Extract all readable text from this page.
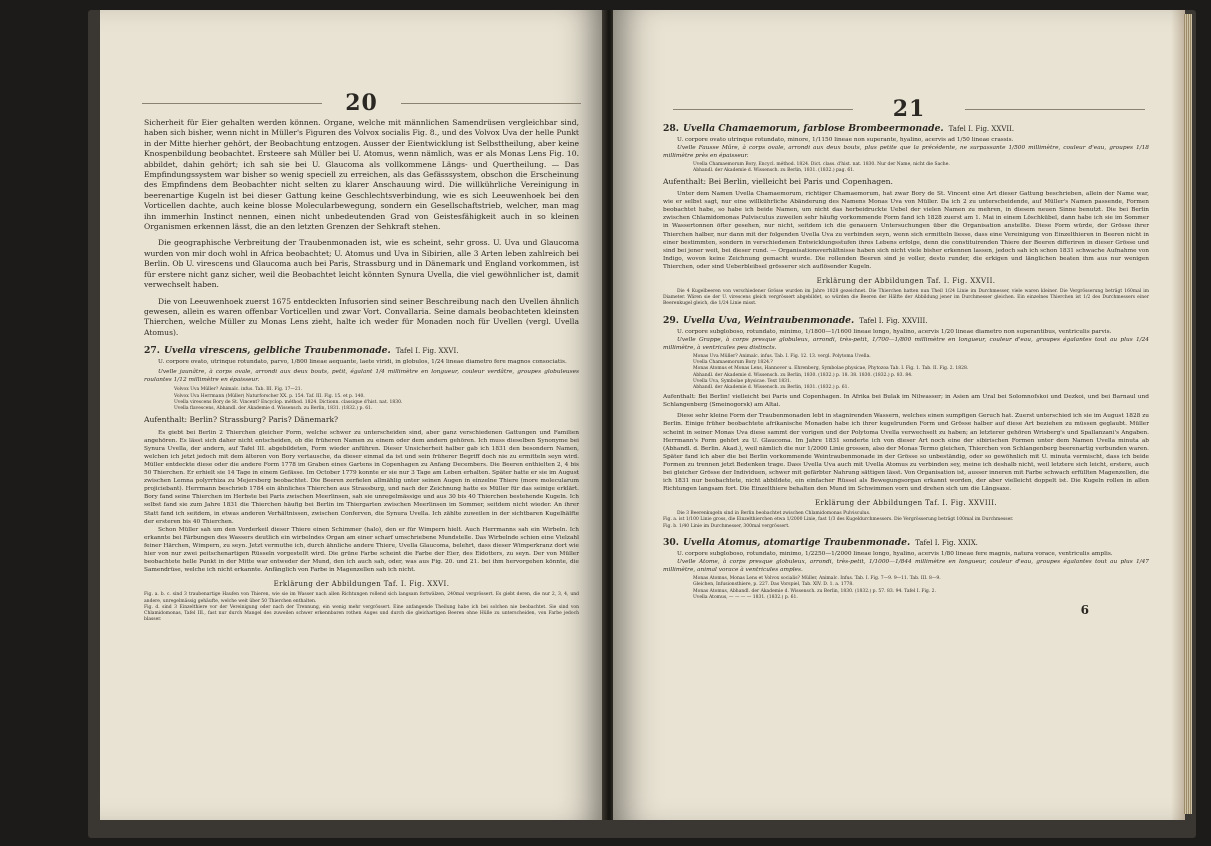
20

Sicherheit für Eier gehalten werden können. Organe, welche mit männlichen Samendrüsen vergleichbar sind, haben sich bisher, wenn nicht in Müller's Figuren des Volvox socialis Fig. 8., und des Volvox Uva der helle Punkt in der Mitte hierher gehört, der Beobachtung entzogen. Ausser der Eientwicklung ist Selbsttheilung, aber keine Knospenbildung beobachtet. Ersteere sah Müller bei U. Atomus, wenn nämlich, was er als Monas Lens Fig. 10. abbildet, dahin gehört; ich sah sie bei U. Glaucoma als vollkommene Längs- und Quertheilung. — Das Empfindungssystem war bisher so wenig speciell zu erreichen, als das Gefässsystem, obschon die Erscheinung des Empfindens dem Beobachter nicht selten zu klarer Anschauung wird. Die willkührliche Vereinigung in beerenartige Kugeln ist bei dieser Gattung keine Geschlechtsverbindung, wie es sich Leeuwenhoek bei den Vorticellen dachte, auch keine blosse Molecularbewegung, sondern ein Gesellschaftstrieb, welcher, man mag ihn immerhin Instinct nennen, einen nicht unbedeutenden Grad von Geistesfähigkeit auch in so kleinen Organismen erkennen lässt, die an den letzten Grenzen der Sehkraft stehen.

Die geographische Verbreitung der Traubenmonaden ist, wie es scheint, sehr gross. U. Uva und Glaucoma wurden von mir doch wohl in Africa beobachtet; U. Atomus und Uva in Sibirien, alle 3 Arten leben zahlreich bei Berlin. Ob U. virescens und Glaucoma auch bei Paris, Strassburg und in Dänemark und England vorkommen, ist für erstere nicht ganz sicher, weil die Beobachtet leicht könnten Synura Uvella, die viel gewöhnlicher ist, damit verwechselt haben.

Die von Leeuwenhoek zuerst 1675 entdeckten Infusorien sind seiner Beschreibung nach den Uvellen ähnlich gewesen, allein es waren offenbar Vorticellen und zwar Vort. Convallaria. Seine damals beobachteten kleinsten Thierchen, welche Müller zu Monas Lens zieht, halte ich weder für Monaden noch für Uvellen (vergl. Uvella Atomus).

27. Uvella virescens, gelbliche Traubenmonade. Tafel I. Fig. XXVI.

U. corpore ovato, utrinque rotundato, parvo, 1/800 lineae aequante, laete viridi, in globulos, 1/24 lineae diametro fere magnos consociatis.

Uvelle jaunâtre, à corps ovale, arrondi aux deux bouts, petit, égalant 1/4 millimètre en longueur, couleur verdâtre, groupes globuleuses roulantes 1/12 millimètre en épaisseur.

Volvox Uva Müller? Animalc. infus. Tab. III. Fig. 17—21.

Volvox Uva Herrmann (Müller) Naturforscher XX. p. 154. Taf. III. Fig. 15. et p. 140.

Uvella virescens Bory de St. Vincent? Encyclop. méthod. 1824. Dictionn. classique d'hist. nat. 1830.

Uvella flavescens, Abhandl. der Akademie d. Wissensch. zu Berlin, 1831. (1832.) p. 61.

Aufenthalt: Berlin? Strassburg? Paris? Dänemark?

Es giebt bei Berlin 2 Thierchen gleicher Form, welche schwer zu unterscheiden sind, aber ganz verschiedenen Gattungen und Familien angehören. Es lässt sich daher nicht entscheiden, ob die früheren Namen zu einem oder dem andern gehören. Ich muss dieselben Synonyme bei Synura Uvella, der andern, auf Tafel III. abgebildeten, Form wieder anführen. Dieser Unsicherheit halber gab ich 1831 den besondern Namen, welchen ich jetzt jedoch mit dem älteren von Bory vertausche, da dieser einmal da ist und sein früherer Begriff doch nie zu ermitteln seyn wird. Müller entdeckte diese oder die andere Form 1778 im Graben eines Gartens in Copenhagen zu Anfang Decembers. Die Beeren enthielten 2, 4 bis 50 Thierchen. Er erhielt sie 14 Tage in einem Gefässe. Im October 1779 konnte er sie nur 3 Tage am Leben erhalten. Später hatte er sie im August zwischen Lemna polyrrhiza zu Mejersberg beobachtet. Die Beeren zerfielen allmählig unter seinen Augen in einzelne Thiere (more molecularum projiciebant). Herrmann beschrieb 1784 ein ähnliches Thierchen aus Strassburg, und nach der Zeichnung hatte es Müller für das seinige erklärt. Bory fand seine Thierchen im Herbste bei Paris zwischen Meerlinsen, sah sie unregelmässige und aus 30 bis 40 Thierchen bestehende Kugeln. Ich selbst fand sie zum Jahre 1831 die Thierchen häufig bei Berlin im Thiergarten zwischen Meerlinsen im Sommer, seitdem nicht wieder. An ihrer Statt fand ich seitdem, in etwas anderen Verhältnissen, zwischen Conferven, die Synura Uvella. Ich zählte zuweilen in der sichtbaren Kugelhälfte der ersteren bis 40 Thierchen.

Schon Müller sah um den Vorderkeil dieser Thiere einen Schimmer (halo), den er für Wimpern hielt. Auch Herrmanns sah ein Wirbeln. Ich erkannte bei Färbungen des Wassers deutlich ein wirbelndes Organ am einer scharf umschriebene Mundstelle. Das Wirbelnde schien eine Vielzahl feiner Härchen, Wimpern, zu seyn. Jetzt vermuthe ich, durch ähnliche andere Thiere, Uvella Glaucoma, belehrt, dass dieser Wimperkranz dort wie hier von nur zwei peitschenartigen Rüsseln vorgestellt wird. Die grüne Farbe scheint die Farbe der Eier, des Eidotters, zu seyn. Der von Müller beobachtete helle Punkt in der Mitte war entweder der Mund, den ich auch sah, oder, was aus Fig. 20. und 21. bei ihm hervorgehen könnte, die Samendrüse, welche ich nicht erkannte. Anfänglich von Farbe in Magenzellen sah ich nicht.

Erklärung der Abbildungen Taf. I. Fig. XXVI.

Fig. a. b. c. sind 3 traubenartige Haufen von Thieren, wie sie im Wasser nach allen Richtungen rollend sich langsam fortwälzen, 240mal vergrössert. Es giebt deren, die nur 2, 3, 4, und andere, unregelmässig gehäufte, welche weit über 50 Thierchen enthalten.

Fig. d. sind 3 Einzelthiere vor der Vereinigung oder nach der Trennung, ein wenig mehr vergrössert. Eine anfangende Theilung habe ich bei solchen nie beobachtet. Sie sind von Chlamidomonas, Tafel III., fast nur durch Mangel des zuweilen schwer erkennbaren rothen Auges und durch die gleichartigen Beeren ohne Hülle zu unterscheiden, von Farbe jedoch blasser.

21
28. Uvella Chamaemorum, farblose Brombeermonade. Tafel I. Fig. XXVII.

U. corpore ovato utrinque rotundato, minore, 1/1150 lineae non superante, hyalino, acervis ad 1/50 lineae crassis.

Uvelle Fausse Mûre, à corps ovale, arrondi aux deux bouts, plus petite que la précédente, ne surpassante 1/500 millimètre, couleur d'eau, groupes 1/18 millimètre près en épaisseur.

Uvella Chamaemorum Bory, Encycl. méthod. 1824. Dict. class. d'hist. nat. 1830. Nur der Name, nicht die Sache.

Abhandl. der Akademie d. Wissensch. zu Berlin, 1831. (1832.) pag. 61.

Aufenthalt: Bei Berlin, vielleicht bei Paris und Copenhagen.

Unter dem Namen Uvella Chamaemorum, richtiger Chamaemorum, hat zwar Bory de St. Vincent eine Art dieser Gattung beschrieben, allein der Name war, wie er selbst sagt, nur eine willkührliche Abänderung des Namens Monas Uva von Müller. Da ich 2 zu unterscheidende, auf Müller's Namen passende, Formen beobachtet habe, so habe ich beide Namen, um nicht das herbeidruckte Uebel der vielen Namen zu mehren, in diesem neuen Sinne benutzt. Die bei Berlin zwischen Chlamidomonas Pulvisculus zuweilen sehr häufig vorkommende Form fand ich 1828 zuerst am 1. Mai in einem Löschkübel, dann habe ich sie im Sommer in Wassertonnen öfter gesehen, nur nicht, seitdem ich die genauern Untersuchungen über die Organisation anstellte. Diese Form würde, der Grösse ihrer Thierchen halber, nur dann mit der folgenden Uvella Uva zu verbinden seyn, wenn sich ermitteln liesse, dass eine Vereinigung von Einzelthieren in Beeren nicht in einer bestimmten, sondern in verschiedenen Entwicklungsstufen ihres Lebens erfolge, denn die constituirenden Thiere der Beeren differiren in dieser Grösse und sind bei jener weit, bei dieser rund. — Organisationsverhältnisse haben sich nicht viele bisher erkennen lassen, jedoch sah ich schon 1831 schwache Aufnahme von Indigo, wovon keine Zeichnung gemacht wurde. Die rollenden Beeren sind je voller, desto runder, die erkigen und länglichen beaten ihm aus nur wenigen Thierchen, oder sind Ueberbleibsel grösserer sich auflösender Kugeln.

Erklärung der Abbildungen Taf. I. Fig. XXVII.

Die 4 Kugelbeeren von verschiedener Grösse wurden im Jahre 1828 gezeichnet. Die Thierchen hatten nun Theil 1/24 Linie im Durchmesser, viele waren kleiner. Die Vergrösserung beträgt 160mal im Diameter. Wären sie der U. virescens gleich vergrössert abgebildet, so würden die Beeren der Hälfte der Abbildung jener im Durchmesser gleichen. Ein einzelnes Thierchen ist 1/2 des Durchmessers einer Beerenkugel gleich, die 1/24 Linie misst.

29. Uvella Uva, Weintraubenmonade. Tafel I. Fig. XXVIII.

U. corpore subgloboso, rotundato, minimo, 1/1800—1/1600 lineae longo, hyalino, acervis 1/20 lineae diametro non superantibus, ventriculis parvis.

Uvelle Grappe, à corps presque globuleux, arrondi, très-petit, 1/700—1/800 millimètre en longueur, couleur d'eau, groupes égalantes tout au plus 1/24 millimètre, à ventricules peu distincts.

Monas Uva Müller? Animalc. infus. Tab. I. Fig. 12. 13. vergl. Polytoma Uvella.

Uvella Chamaemorum Bory 1824.?

Monas Atomus et Monas Lens, Hannover u. Ehrenberg, Symbolae physicae, Phytozoa Tab. I. Fig. 1. Tab. II. Fig. 2. 1828.

Abhandl. der Akademie d. Wissensch. zu Berlin, 1830. (1832.) p. 18. 38. 1830. (1832.) p. 83. 84.

Uvella Uva, Symbolae physicae. Text 1831.

Abhandl. der Akademie d. Wissensch. zu Berlin, 1831. (1832.) p. 61.

Aufenthalt: Bei Berlin! vielleicht bei Paris und Copenhagen. In Afrika bei Bulak im Nilwasser; in Asien am Ural bei Solomnofskoi und Dezkoi, und bei Barnaul und Schlangenberg (Smeinogorsk) am Altai.

Diese sehr kleine Form der Traubenmonaden lebt in stagnirenden Wassern, welches einen sumpfigen Geruch hat. Zuerst unterschied ich sie im August 1828 zu Berlin. Einige früher beobachtete afrikanische Monaden habe ich ihrer kugelrunden Form und Grösse halber auf diese Art beziehen zu müssen geglaubt. Müller scheint in seiner Monas Uva diese sammt der vorigen und der Polytoma Uvella verwechselt zu haben; an letzterer gehören Wrisberg's und Spallanzani's Angaben. Herrmann's Form gehört zu U. Glaucoma. Im Jahre 1831 sonderte ich von dieser Art noch eine der sibirischen Formen unter dem Namen Uvella minuta ab (Abhandl. d. Berlin. Akad.), weil nämlich die nur 1/2000 Linie grossen, also der Monas Termo gleichen, Thierchen von Schlangenberg beerenartig verbunden waren. Später fand ich aber die bei Berlin vorkommende Weintraubenmonade in der Grösse so unbeständig, oder so gewöhnlich mit U. minuta vermischt, dass ich beide Formen zu trennen jetzt Bedenken trage. Dass Uvella Uva auch mit Uvella Atomus zu verbinden sey, meine ich deshalb nicht, weil letztere sich leicht, erstere, auch bei gleicher Grösse der Individuen, schwer mit gefärbter Nahrung sättigen lässt. Von Organisation ist, ausser inneren mit Farbe schwach erfüllten Magenzellen, die ich 1831 nur beobachtete, nicht abbildete, ein einfacher Rüssel als Bewegungsorgan erkannt worden, der aber vielleicht doppelt ist. Die Kugeln rollen in allen Richtungen langsam fort. Die Einzelthiere behalten den Mund im Schwimmen vorn und drehen sich um die Längsaxe.

Erklärung der Abbildungen Taf. I. Fig. XXVIII.

Die 3 Beerenkugeln sind in Berlin beobachtet zwischen Chlamidomonas Pulvisculus.

Fig. a. ist 1/100 Linie gross, die Einzelthierchen etwa 1/2000 Linie, fast 1/3 des Kugeldurchmessers. Die Vergrösserung beträgt 100mal im Durchmesser.

Fig. b. 1/40 Linie im Durchmesser, 300mal vergrössert.

30. Uvella Atomus, atomartige Traubenmonade. Tafel I. Fig. XXIX.

U. corpore subgloboso, rotundato, minimo, 1/2250—1/2000 lineae longo, hyalino, acervis 1/80 lineae fere magnis, natura vorace, ventriculis amplis.

Uvelle Atome, à corps presque globuleux, arrondi, très-petit, 1/1000—1/844 millimètre en longueur, couleur d'eau, groupes égalantes tout au plus 1/47 millimètre, animal vorace à ventricules amples.

Monas Atomus, Monas Lens et Volvox socialis? Müller, Animalc. Infus. Tab. I. Fig. 7—9. 9—11. Tab. III. 8—9.

Gleichen, Infusionsthiere, p. 227. Das Vorspiel, Tab. XIV. D. 1. a. 1778.

Monas Atomus, Abhandl. der Akademie d. Wissensch. zu Berlin, 1830. (1832.) p. 57. 83. 94. Tafel I. Fig. 2.

Uvella Atomus, — — — — 1831. (1832.) p. 61.

6
